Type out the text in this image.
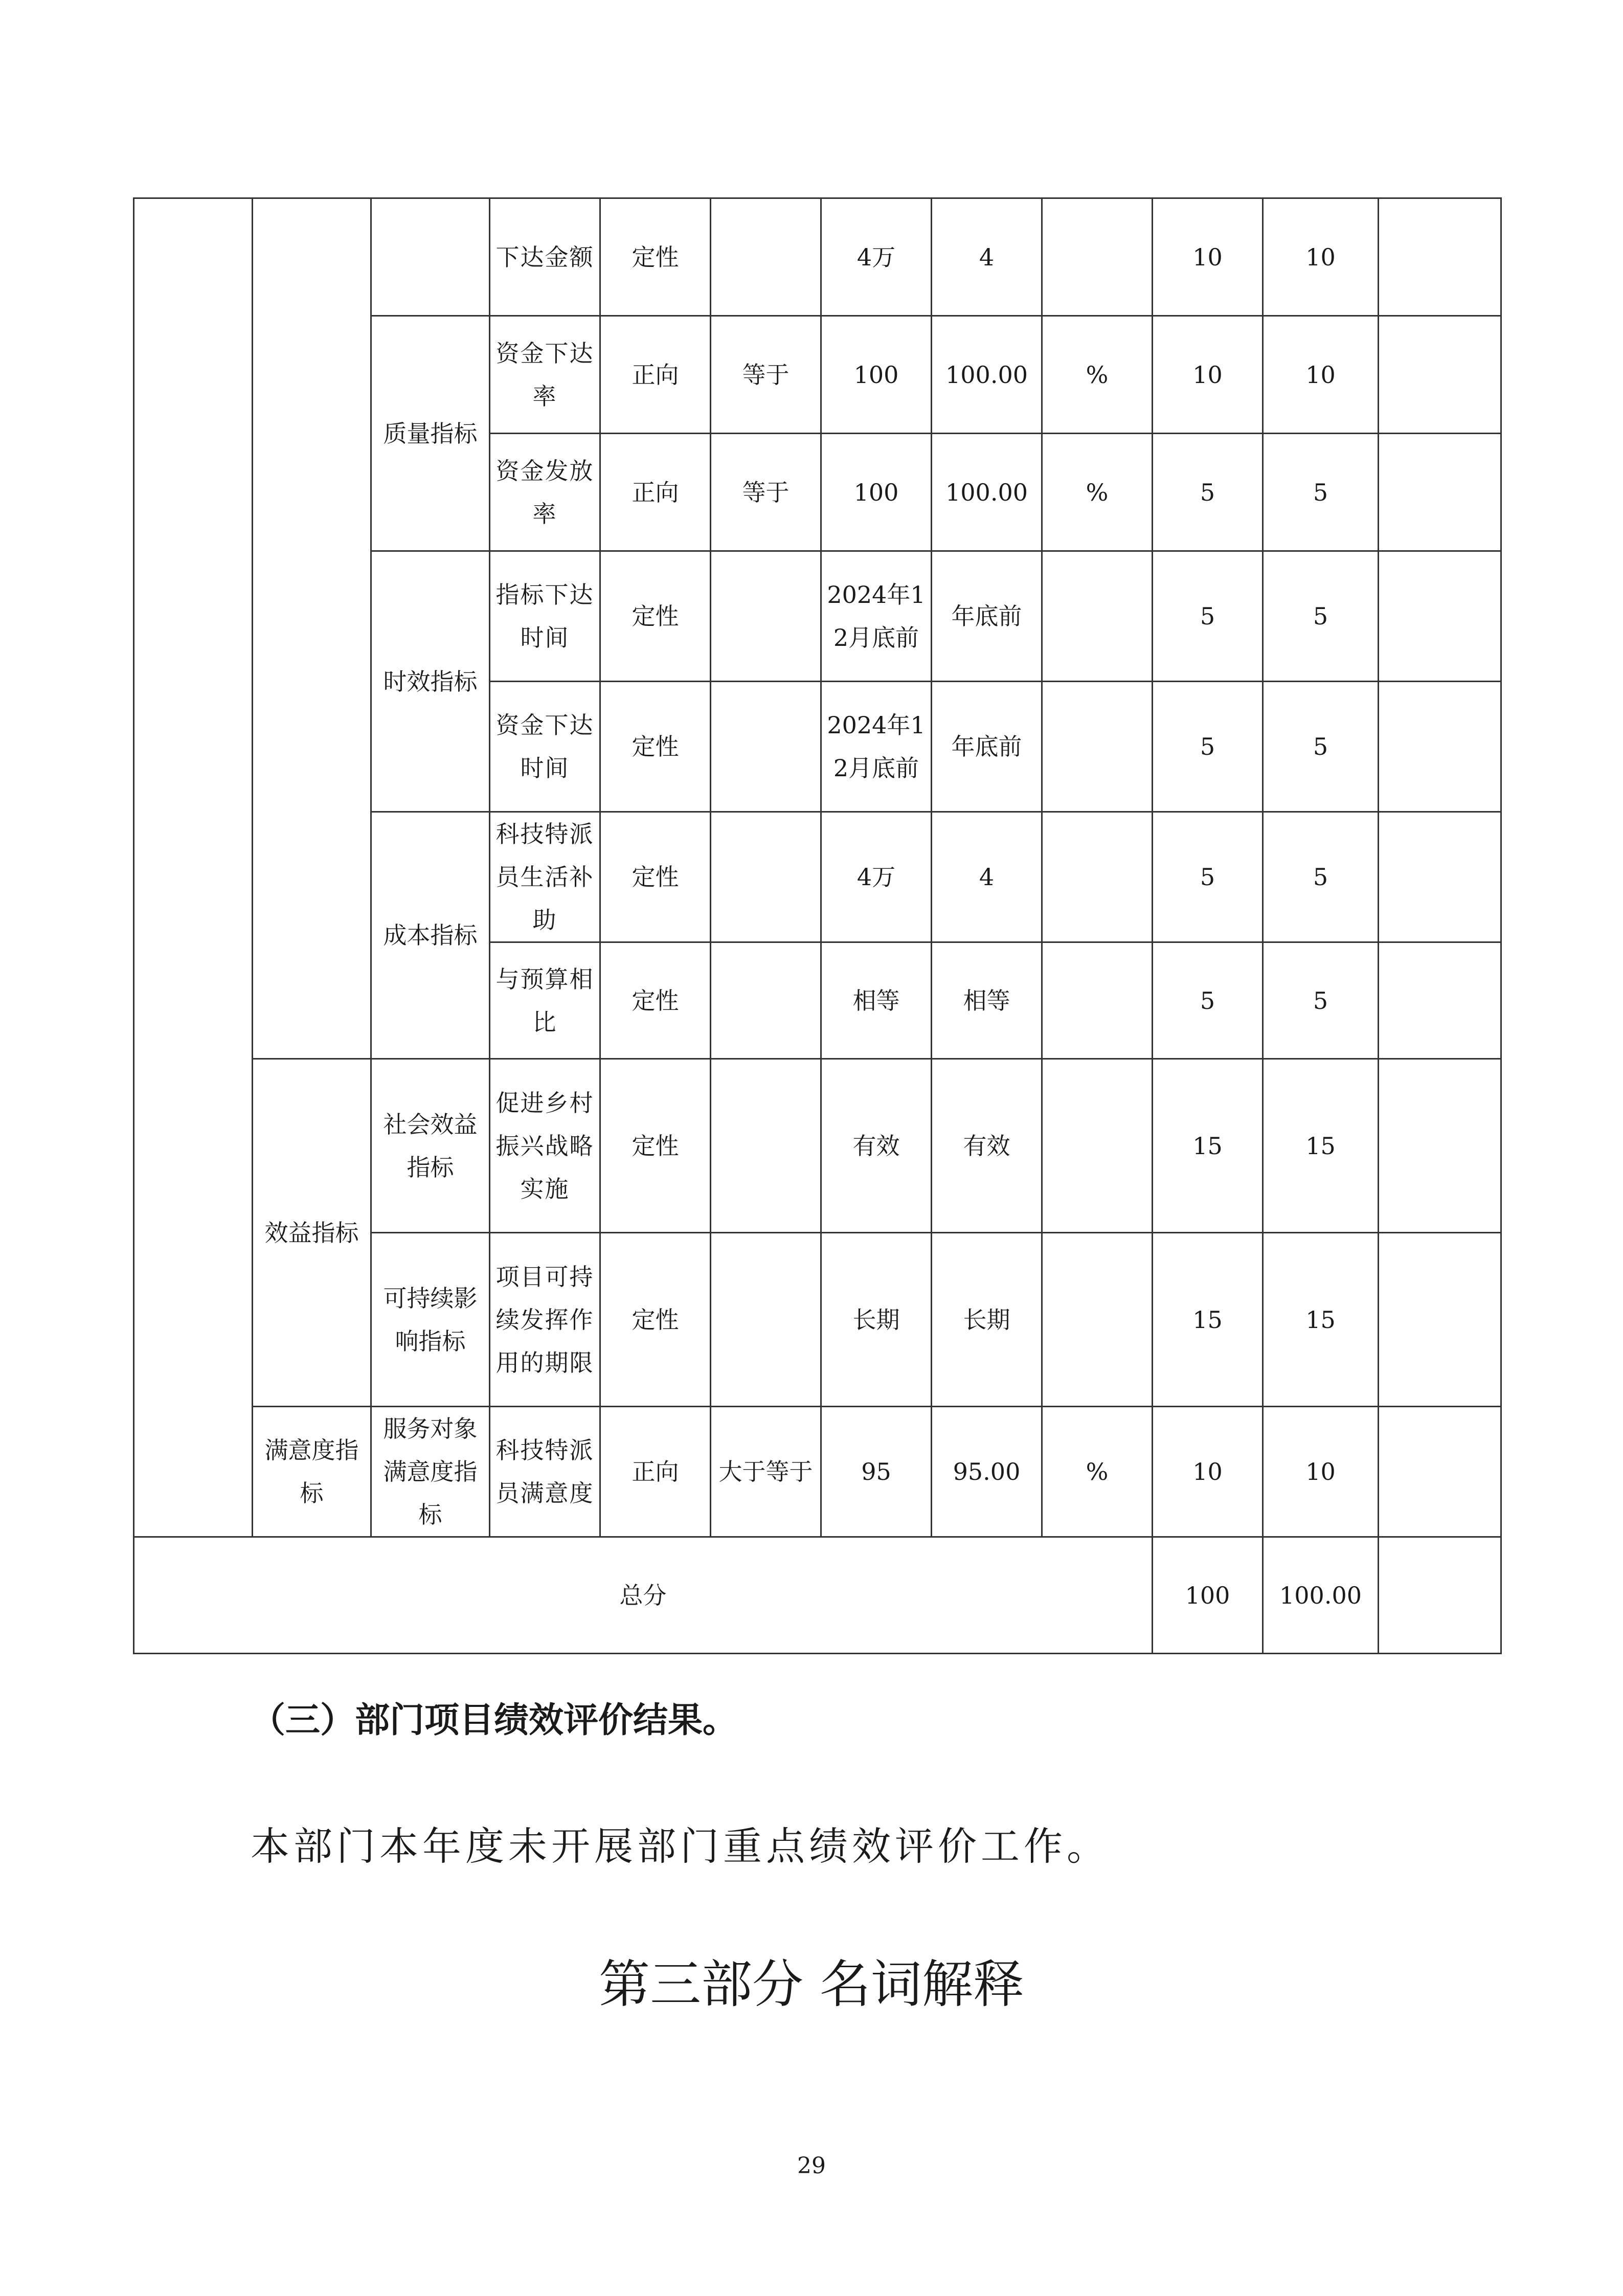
			下达金额	定性		4万	4		10	10	
		质量指标	资金下达率	正向	等于	100	100.00	%	10	10	
			资金发放率	正向	等于	100	100.00	%	5	5	
		时效指标	指标下达时间	定性		2024年12月底前	年底前		5	5	
			资金下达时间	定性		2024年12月底前	年底前		5	5	
		成本指标	科技特派员生活补助	定性		4万	4		5	5	
			与预算相比	定性		相等	相等		5	5	
	效益指标	社会效益指标	促进乡村振兴战略实施	定性		有效	有效		15	15	
		可持续影响指标	项目可持续发挥作用的期限	定性		长期	长期		15	15	
	满意度指标	服务对象满意度指标	科技特派员满意度	正向	大于等于	95	95.00	%	10	10	
总分									100	100.00	
（三）部门项目绩效评价结果。
本部门本年度未开展部门重点绩效评价工作。
第三部分 名词解释
29
